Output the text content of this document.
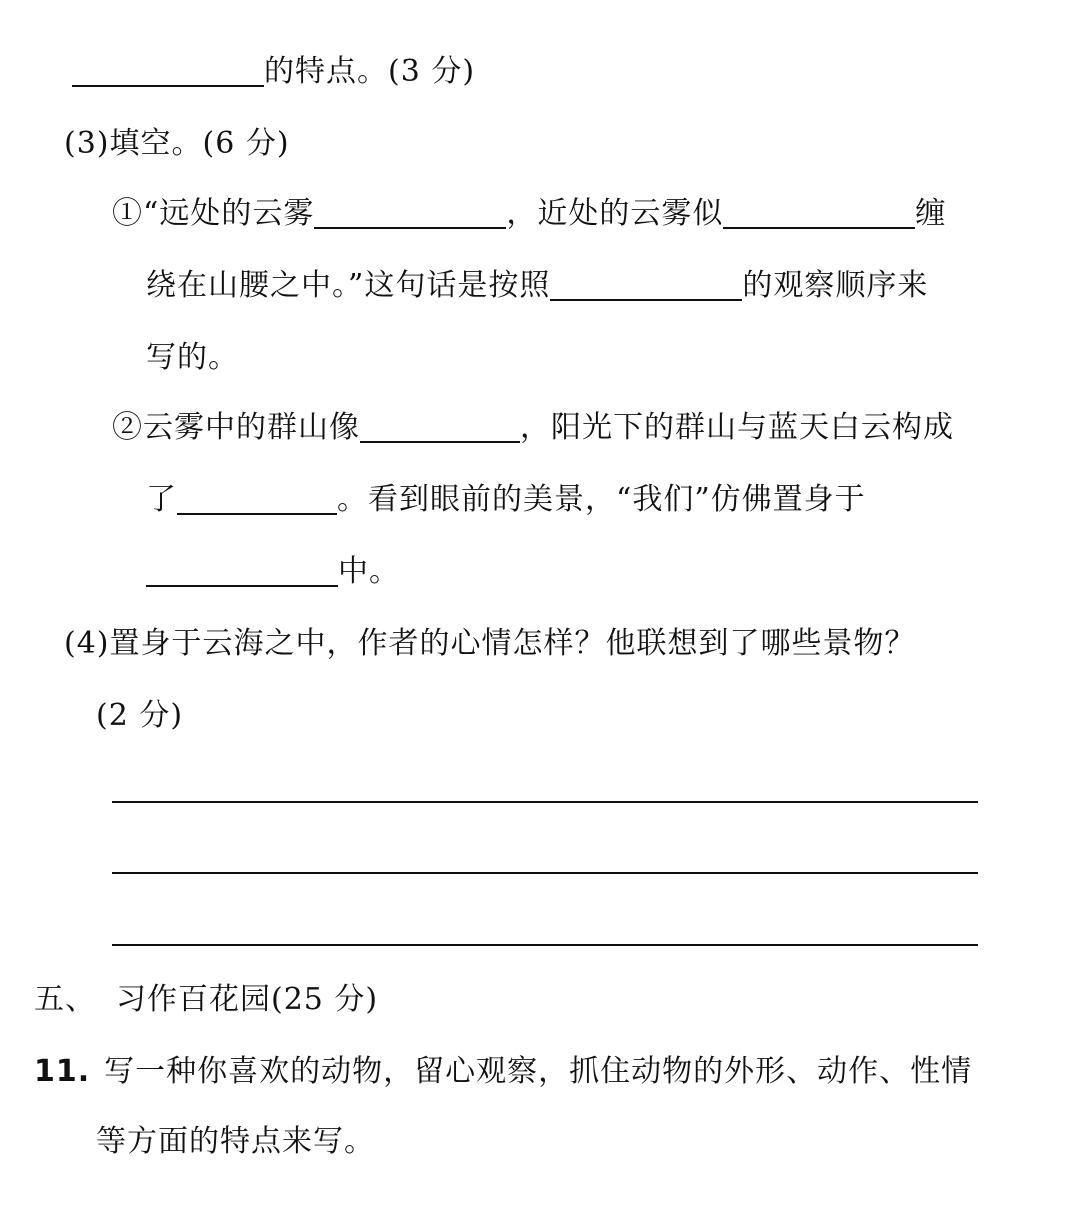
的特点。(3 分)
(3)填空。(6 分)
①“远处的云雾	，近处的云雾似	缠
绕在山腰之中。”这句话是按照	的观察顺序来
写的。
②云雾中的群山像	，阳光下的群山与蓝天白云构成
了	。看到眼前的美景，“我们”仿佛置身于
中。
(4)置身于云海之中，作者的心情怎样？他联想到了哪些景物？
(2 分)
五、 习作百花园(25 分)
11. 写一种你喜欢的动物，留心观察，抓住动物的外形、动作、性情
等方面的特点来写。
